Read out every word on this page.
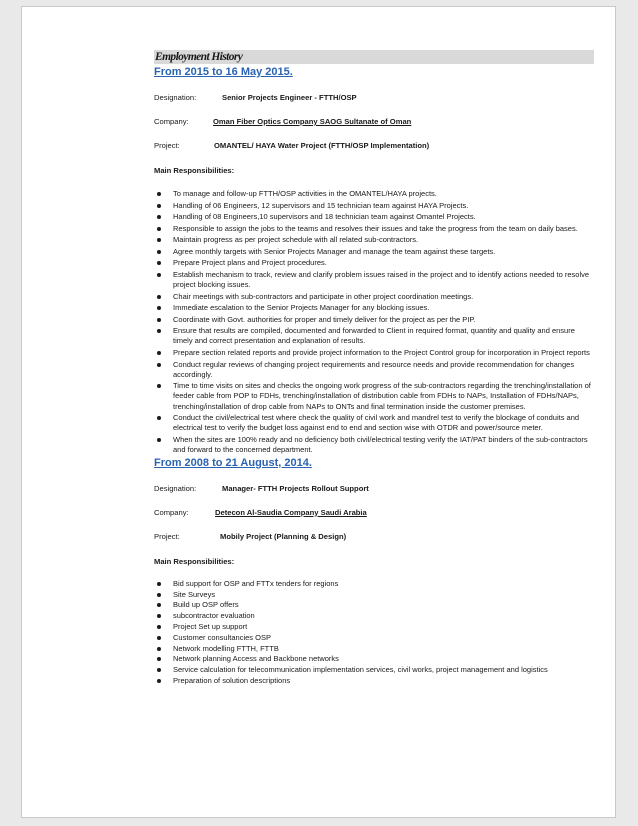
Employment History
From 2015 to 16 May 2015.
Designation:	Senior Projects Engineer - FTTH/OSP
Company:	Oman Fiber Optics Company SAOG Sultanate of Oman
Project:	OMANTEL/ HAYA Water Project (FTTH/OSP Implementation)
Main Responsibilities:
To manage and follow-up FTTH/OSP activities in the OMANTEL/HAYA projects.
Handling of 06 Engineers, 12 supervisors and 15 technician team against HAYA Projects.
Handling of 08 Engineers,10 supervisors and 18 technician team against Omantel Projects.
Responsible to assign the jobs to the teams and resolves their issues and take the progress from the team on daily bases.
Maintain progress as per project schedule with all related sub-contractors.
Agree monthly targets with Senior Projects Manager and manage the team against these targets.
Prepare Project plans and Project procedures.
Establish mechanism to track, review and clarify problem issues raised in the project and to identify actions needed to resolve project blocking issues.
Chair meetings with sub-contractors and participate in other project coordination meetings.
Immediate escalation to the Senior Projects Manager for any blocking issues.
Coordinate with Govt. authorities for proper and timely deliver for the project as per the PIP.
Ensure that results are compiled, documented and forwarded to Client in required format, quantity and quality and ensure timely and correct presentation and explanation of results.
Prepare section related reports and provide project information to the Project Control group for incorporation in Project reports
Conduct regular reviews of changing project requirements and resource needs and provide recommendation for changes accordingly.
Time to time visits on sites and checks the ongoing work progress of the sub-contractors regarding the trenching/installation of feeder cable from POP to FDHs, trenching/installation of distribution cable from FDHs to NAPs, Installation of FDHs/NAPs, trenching/installation of drop cable from NAPs to ONTs and final termination inside the customer premises.
Conduct the civil/electrical test where check the quality of civil work and mandrel test to verify the blockage of conduits and electrical test to verify the budget loss against end to end and section wise with OTDR and power/source meter.
When the sites are 100% ready and no deficiency both civil/electrical testing verify the IAT/PAT binders of the sub-contractors and forward to the concerned department.
From 2008 to 21 August, 2014.
Designation:	Manager- FTTH Projects Rollout Support
Company:	Detecon Al-Saudia Company Saudi Arabia
Project:	Mobily Project (Planning & Design)
Main Responsibilities:
Bid support for OSP and FTTx tenders for regions
Site Surveys
Build up OSP offers
subcontractor evaluation
Project Set up support
Customer consultancies OSP
Network modelling FTTH, FTTB
Network planning Access and Backbone networks
Service calculation for telecommunication implementation services, civil works, project management and logistics
Preparation of solution descriptions
